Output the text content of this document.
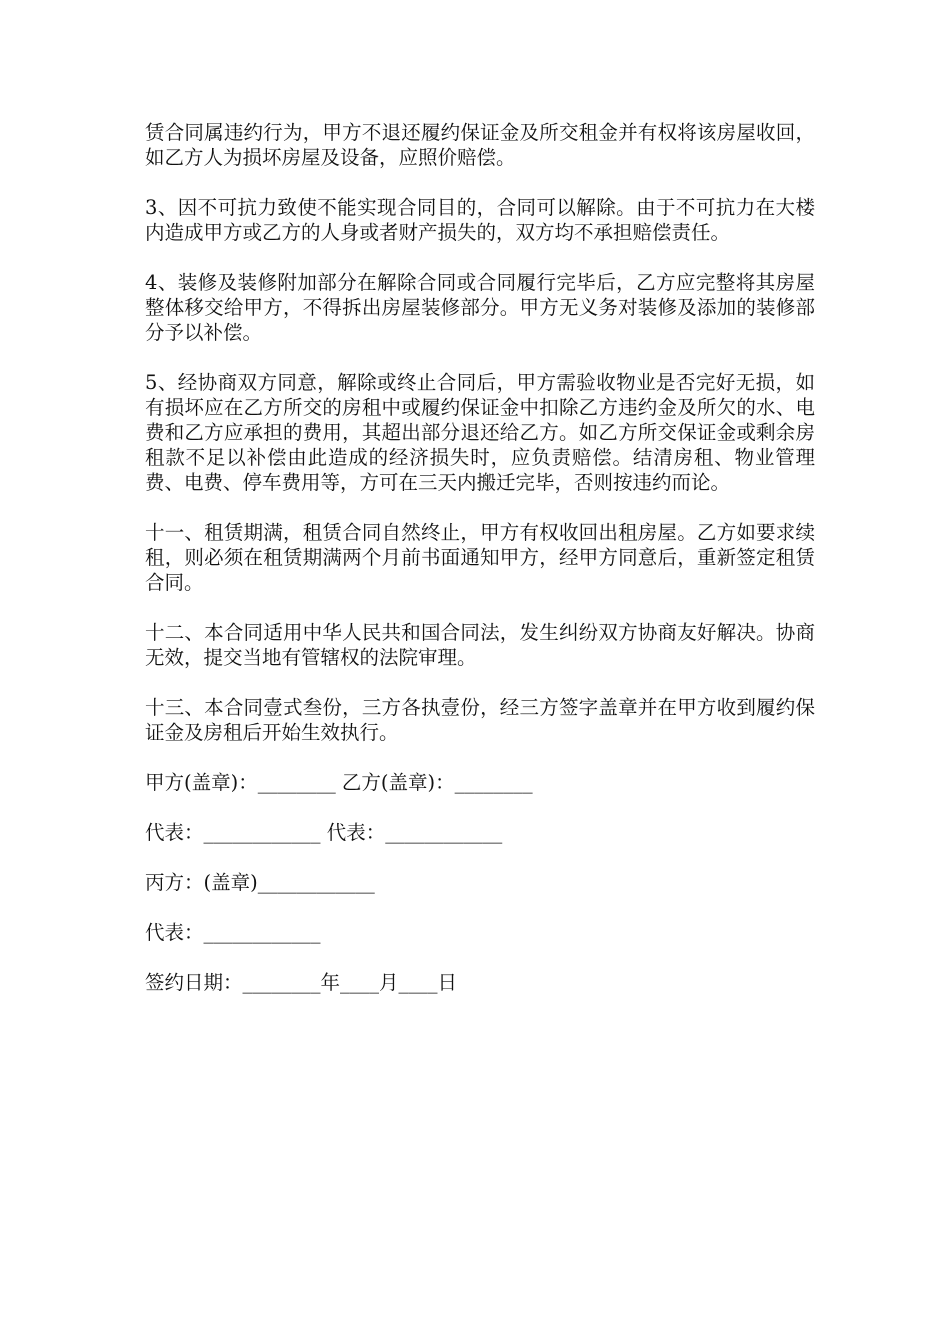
赁合同属违约行为，甲方不退还履约保证金及所交租金并有权将该房屋收回，如乙方人为损坏房屋及设备，应照价赔偿。

3、因不可抗力致使不能实现合同目的，合同可以解除。由于不可抗力在大楼内造成甲方或乙方的人身或者财产损失的，双方均不承担赔偿责任。

4、装修及装修附加部分在解除合同或合同履行完毕后，乙方应完整将其房屋整体移交给甲方，不得拆出房屋装修部分。甲方无义务对装修及添加的装修部分予以补偿。

5、经协商双方同意，解除或终止合同后，甲方需验收物业是否完好无损，如有损坏应在乙方所交的房租中或履约保证金中扣除乙方违约金及所欠的水、电费和乙方应承担的费用，其超出部分退还给乙方。如乙方所交保证金或剩余房租款不足以补偿由此造成的经济损失时，应负责赔偿。结清房租、物业管理费、电费、停车费用等，方可在三天内搬迁完毕，否则按违约而论。

十一、租赁期满，租赁合同自然终止，甲方有权收回出租房屋。乙方如要求续租，则必须在租赁期满两个月前书面通知甲方，经甲方同意后，重新签定租赁合同。

十二、本合同适用中华人民共和国合同法，发生纠纷双方协商友好解决。协商无效，提交当地有管辖权的法院审理。

十三、本合同壹式叁份，三方各执壹份，经三方签字盖章并在甲方收到履约保证金及房租后开始生效执行。

甲方(盖章)：________ 乙方(盖章)：________
代表：____________ 代表：____________
丙方：(盖章)____________
代表：____________
签约日期：________年____月____日
